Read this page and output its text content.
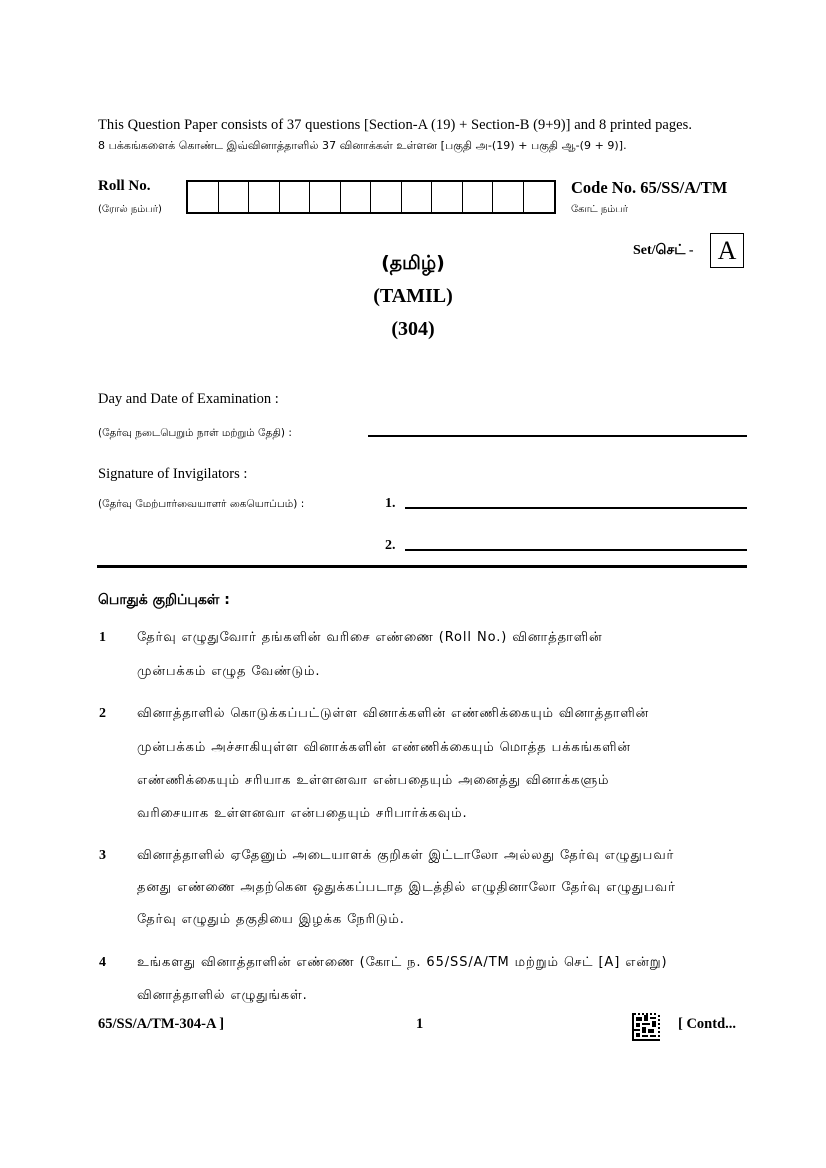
This Question Paper consists of 37 questions [Section-A (19) + Section-B (9+9)] and 8 printed pages.
8 பக்கங்களைக் கொண்ட இவ்வினாத்தாளில் 37 வினாக்கள் உள்ளன [பகுதி அ-(19) + பகுதி ஆ-(9 + 9)].
Roll No.
(ரோல் நம்பர்)
Code No. 65/SS/A/TM
கோட் நம்பர்
Set/செட் - A
(தமிழ்)
(TAMIL)
(304)
Day and Date of Examination :
(தேர்வு நடைபெறும் நாள் மற்றும் தேதி) :
Signature of Invigilators :
(தேர்வு மேற்பார்வையாளர் கையொப்பம்) :	1.
2.
பொதுக் குறிப்புகள் :
1 தேர்வு எழுதுவோர் தங்களின் வரிசை எண்ணை (Roll No.) வினாத்தாளின்
முன்பக்கம் எழுத வேண்டும்.
2 வினாத்தாளில் கொடுக்கப்பட்டுள்ள வினாக்களின் எண்ணிக்கையும் வினாத்தாளின்
முன்பக்கம் அச்சாகியுள்ள வினாக்களின் எண்ணிக்கையும் மொத்த பக்கங்களின்
எண்ணிக்கையும் சரியாக உள்ளனவா என்பதையும் அனைத்து வினாக்களும்
வரிசையாக உள்ளனவா என்பதையும் சரிபார்க்கவும்.
3 வினாத்தாளில் ஏதேனும் அடையாளக் குறிகள் இட்டாலோ அல்லது தேர்வு எழுதுபவர்
தனது எண்ணை அதற்கென ஒதுக்கப்படாத இடத்தில் எழுதினாலோ தேர்வு எழுதுபவர்
தேர்வு எழுதும் தகுதியை இழக்க நேரிடும்.
4 உங்களது வினாத்தாளின் எண்ணை (கோட் ந. 65/SS/A/TM மற்றும் செட் [A] என்று)
வினாத்தாளில் எழுதுங்கள்.
65/SS/A/TM-304-A ]	1	[ Contd...
